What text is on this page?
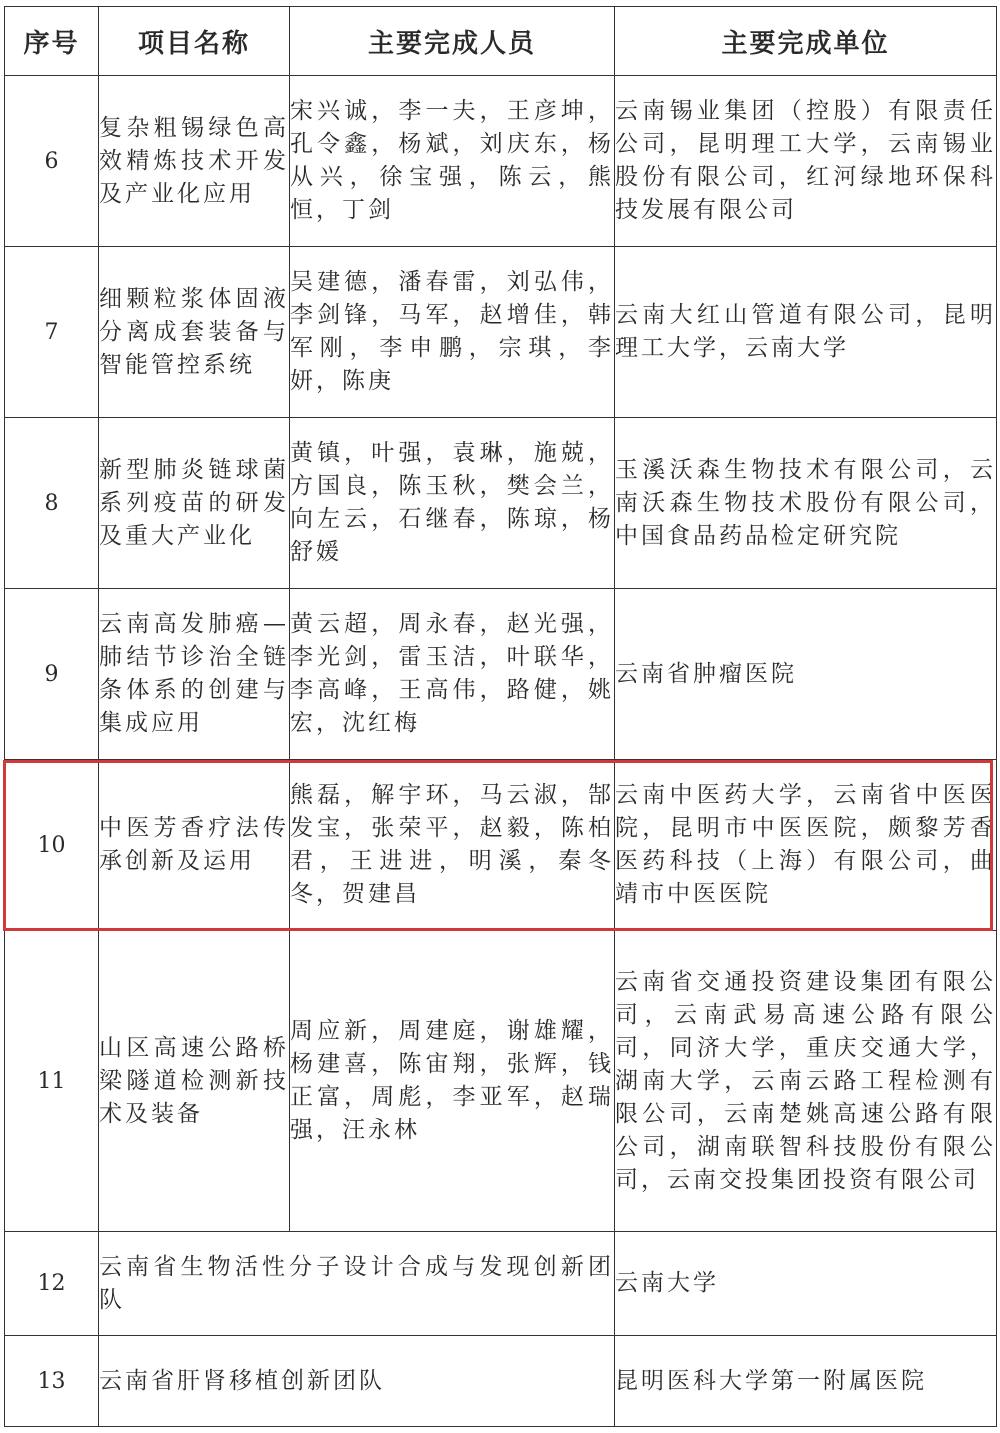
序号	项目名称	主要完成人员	主要完成单位
6	复杂粗锡绿色高效精炼技术开发及产业化应用	宋兴诚，李一夫，王彦坤，孔令鑫，杨斌，刘庆东，杨从兴，徐宝强，陈云，熊恒，丁剑	云南锡业集团（控股）有限责任公司，昆明理工大学，云南锡业股份有限公司，红河绿地环保科技发展有限公司
7	细颗粒浆体固液分离成套装备与智能管控系统	吴建德，潘春雷，刘弘伟，李剑锋，马军，赵增佳，韩军刚，李申鹏，宗琪，李妍，陈庚	云南大红山管道有限公司，昆明理工大学，云南大学
8	新型肺炎链球菌系列疫苗的研发及重大产业化	黄镇，叶强，袁琳，施兢，方国良，陈玉秋，樊会兰，向左云，石继春，陈琼，杨舒媛	玉溪沃森生物技术有限公司，云南沃森生物技术股份有限公司，中国食品药品检定研究院
9	云南高发肺癌—肺结节诊治全链条体系的创建与集成应用	黄云超，周永春，赵光强，李光剑，雷玉洁，叶联华，李高峰，王高伟，路健，姚宏，沈红梅	云南省肿瘤医院
10	中医芳香疗法传承创新及运用	熊磊，解宇环，马云淑，郜发宝，张荣平，赵毅，陈柏君，王进进，明溪，秦冬冬，贺建昌	云南中医药大学，云南省中医医院，昆明市中医医院，颇黎芳香医药科技（上海）有限公司，曲靖市中医医院
11	山区高速公路桥梁隧道检测新技术及装备	周应新，周建庭，谢雄耀，杨建喜，陈宙翔，张辉，钱正富，周彪，李亚军，赵瑞强，汪永林	云南省交通投资建设集团有限公司，云南武易高速公路有限公司，同济大学，重庆交通大学，湖南大学，云南云路工程检测有限公司，云南楚姚高速公路有限公司，湖南联智科技股份有限公司，云南交投集团投资有限公司
12	云南省生物活性分子设计合成与发现创新团队		云南大学
13	云南省肝肾移植创新团队		昆明医科大学第一附属医院
